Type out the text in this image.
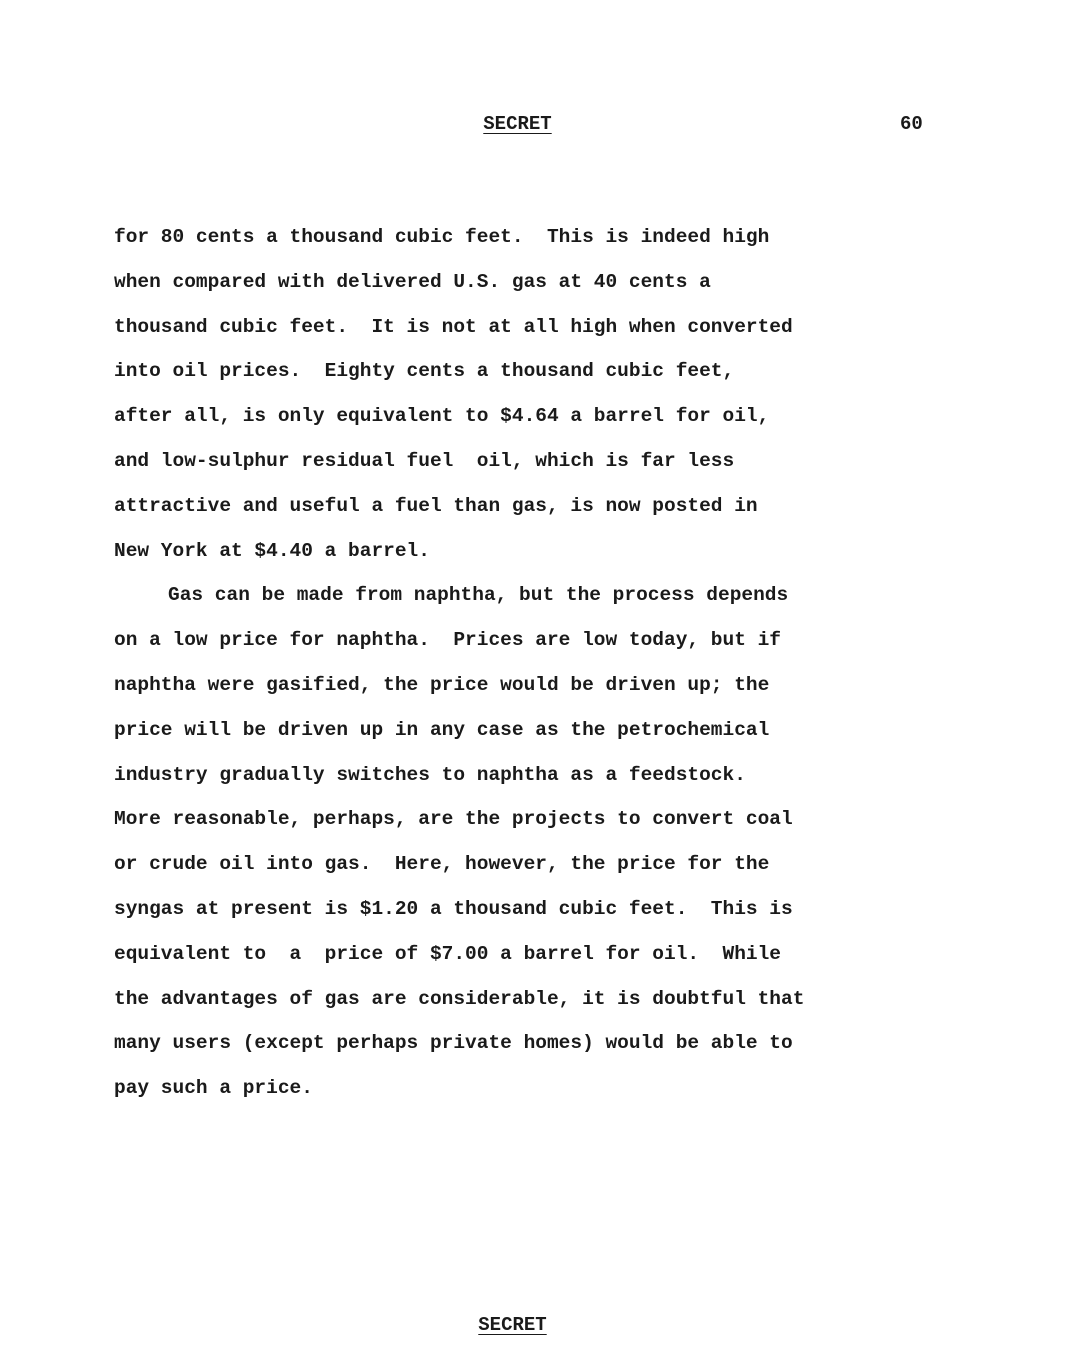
SECRET	60
for 80 cents a thousand cubic feet.  This is indeed high
when compared with delivered U.S. gas at 40 cents a
thousand cubic feet.  It is not at all high when converted
into oil prices.  Eighty cents a thousand cubic feet,
after all, is only equivalent to $4.64 a barrel for oil,
and low-sulphur residual fuel  oil, which is far less
attractive and useful a fuel than gas, is now posted in
New York at $4.40 a barrel.
Gas can be made from naphtha, but the process depends
on a low price for naphtha.  Prices are low today, but if
naphtha were gasified, the price would be driven up; the
price will be driven up in any case as the petrochemical
industry gradually switches to naphtha as a feedstock.
More reasonable, perhaps, are the projects to convert coal
or crude oil into gas.  Here, however, the price for the
syngas at present is $1.20 a thousand cubic feet.  This is
equivalent to  a  price of $7.00 a barrel for oil.  While
the advantages of gas are considerable, it is doubtful that
many users (except perhaps private homes) would be able to
pay such a price.
SECRET
